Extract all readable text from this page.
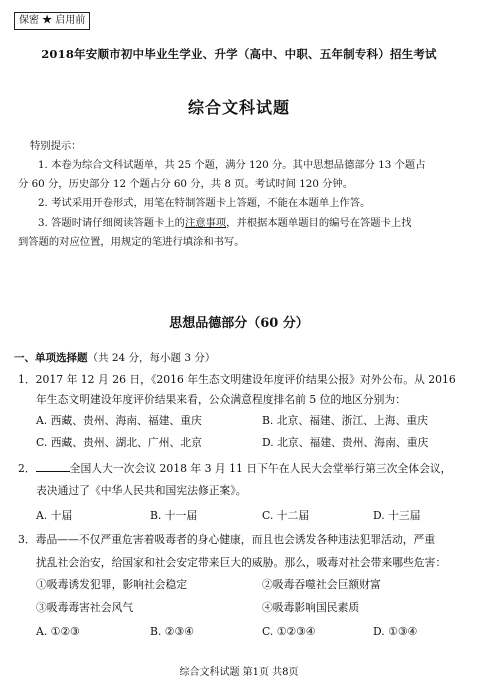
保密 ★ 启用前
2018年安顺市初中毕业生学业、升学（高中、中职、五年制专科）招生考试
综合文科试题
特别提示：
1. 本卷为综合文科试题单，共 25 个题，满分 120 分。其中思想品德部分 13 个题占
分 60 分，历史部分 12 个题占分 60 分，共 8 页。考试时间 120 分钟。
2. 考试采用开卷形式，用笔在特制答题卡上答题，不能在本题单上作答。
3. 答题时请仔细阅读答题卡上的注意事项，并根据本题单题目的编号在答题卡上找
到答题的对应位置，用规定的笔进行填涂和书写。
思想品德部分（60 分）
一、单项选择题（共 24 分，每小题 3 分）
1．2017 年 12 月 26 日，《2016 年生态文明建设年度评价结果公报》对外公布。从 2016
年生态文明建设年度评价结果来看，公众满意程度排名前 5 位的地区分别为：
A. 西藏、贵州、海南、福建、重庆	B. 北京、福建、浙江、上海、重庆
C. 西藏、贵州、湖北、广州、北京	D. 北京、福建、贵州、海南、重庆
2．	全国人大一次会议 2018 年 3 月 11 日下午在人民大会堂举行第三次全体会议，
表决通过了《中华人民共和国宪法修正案》。
A. 十届	B. 十一届	C. 十二届	D. 十三届
3．毒品——不仅严重危害着吸毒者的身心健康，而且也会诱发各种违法犯罪活动，严重
扰乱社会治安，给国家和社会安定带来巨大的威胁。那么，吸毒对社会带来哪些危害：
①吸毒诱发犯罪，影响社会稳定	②吸毒吞噬社会巨额财富
③吸毒毒害社会风气	④吸毒影响国民素质
A. ①②③	B. ②③④	C. ①②③④	D. ①③④
综合文科试题 第1页 共8页
